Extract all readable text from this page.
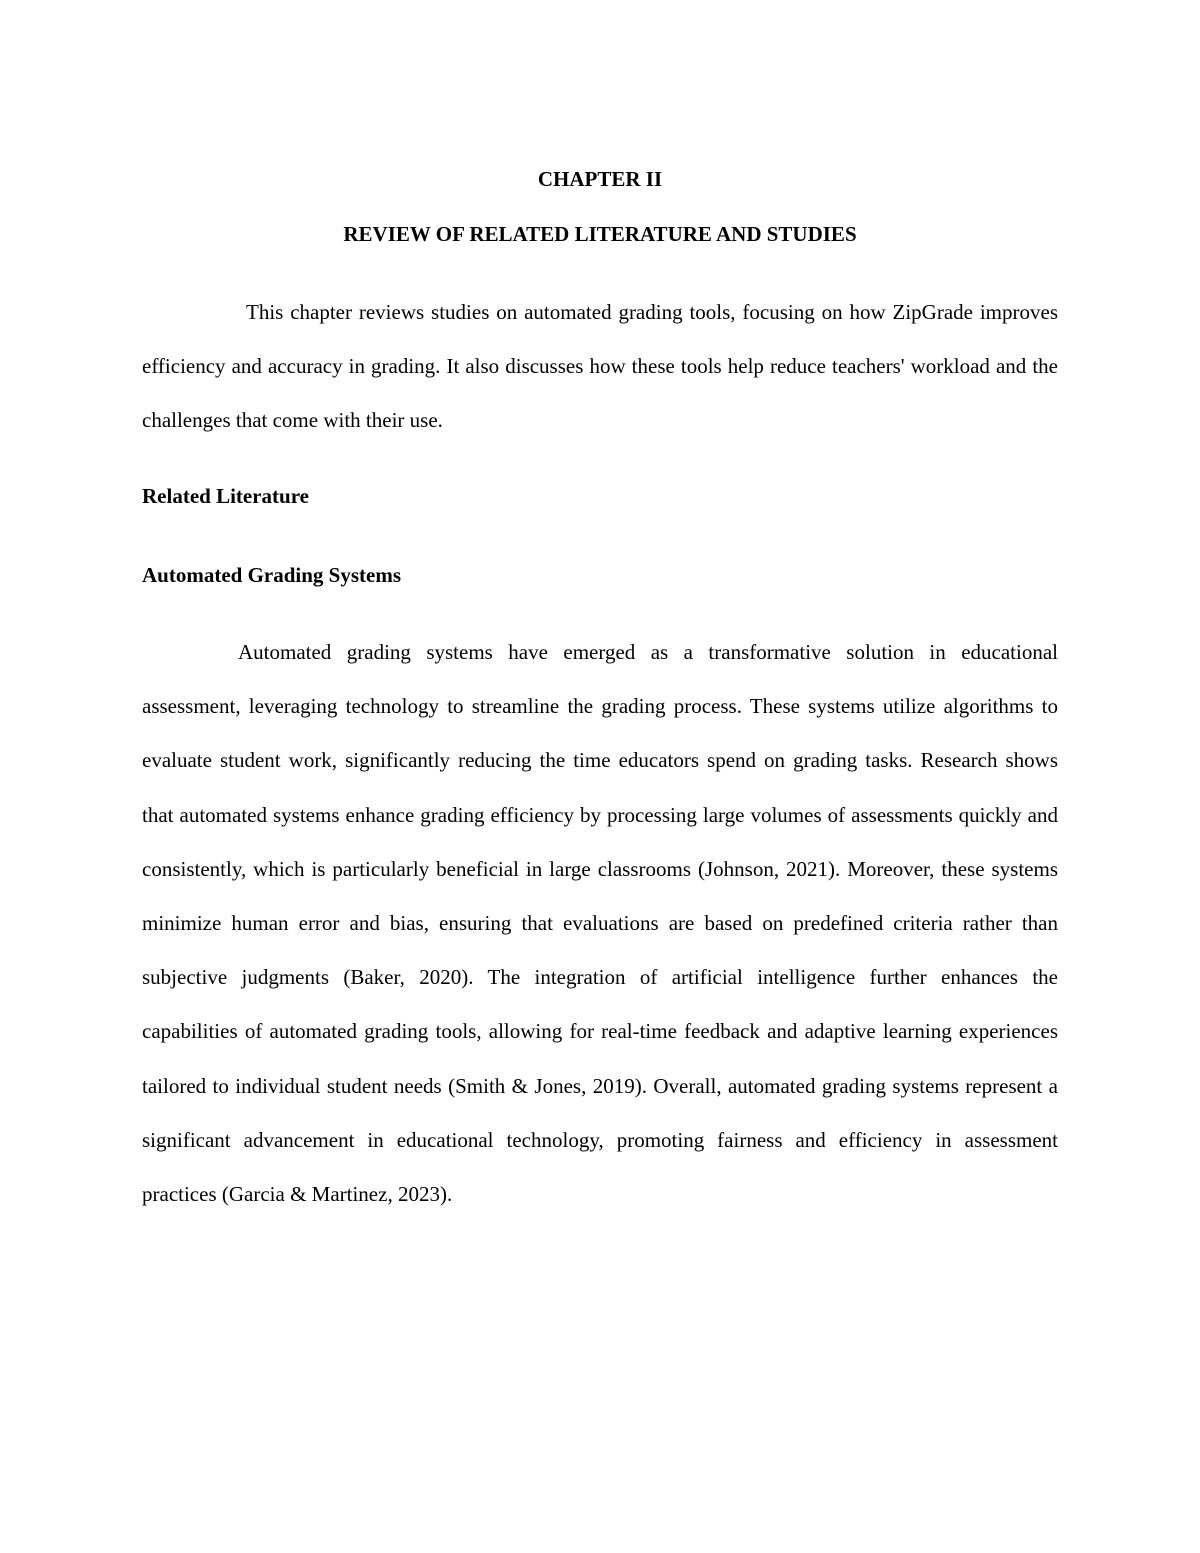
CHAPTER II
REVIEW OF RELATED LITERATURE AND STUDIES

This chapter reviews studies on automated grading tools, focusing on how ZipGrade improves efficiency and accuracy in grading. It also discusses how these tools help reduce teachers' workload and the challenges that come with their use.

Related Literature
Automated Grading Systems

Automated grading systems have emerged as a transformative solution in educational assessment, leveraging technology to streamline the grading process. These systems utilize algorithms to evaluate student work, significantly reducing the time educators spend on grading tasks. Research shows that automated systems enhance grading efficiency by processing large volumes of assessments quickly and consistently, which is particularly beneficial in large classrooms (Johnson, 2021). Moreover, these systems minimize human error and bias, ensuring that evaluations are based on predefined criteria rather than subjective judgments (Baker, 2020). The integration of artificial intelligence further enhances the capabilities of automated grading tools, allowing for real-time feedback and adaptive learning experiences tailored to individual student needs (Smith & Jones, 2019). Overall, automated grading systems represent a significant advancement in educational technology, promoting fairness and efficiency in assessment practices (Garcia & Martinez, 2023).
